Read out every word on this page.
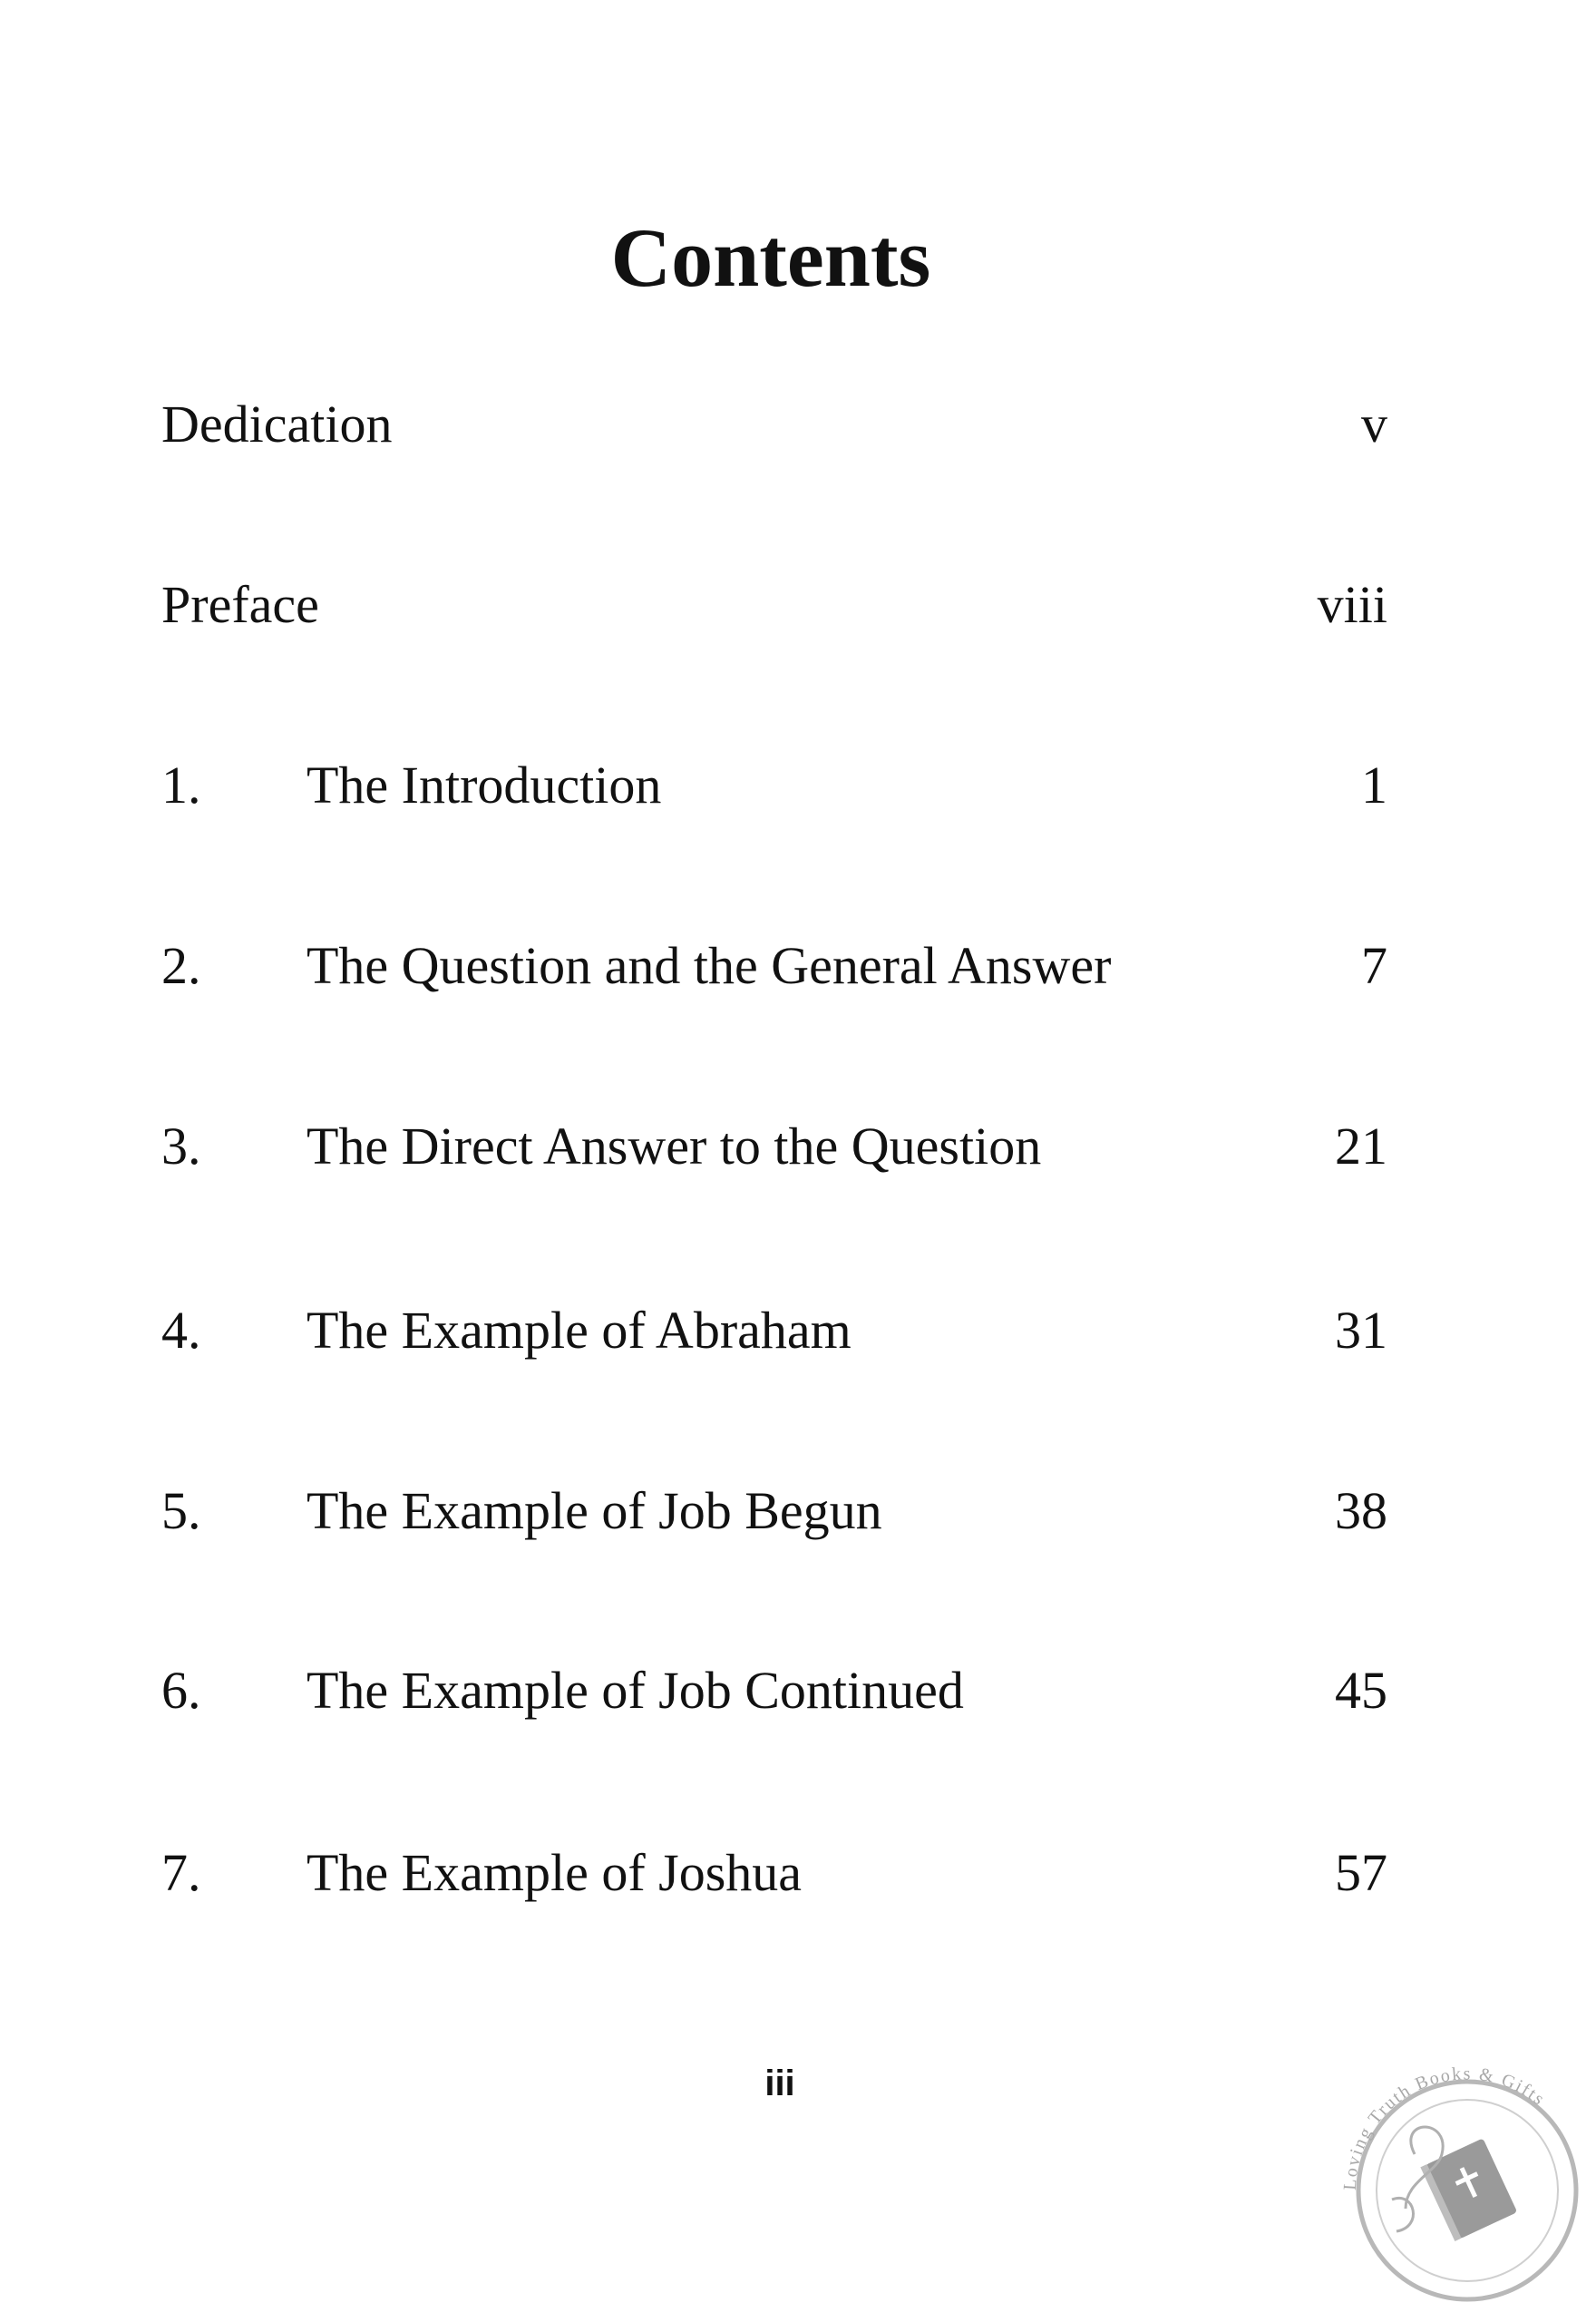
Contents
Dedication	v
Preface	viii
1. The Introduction	1
2. The Question and the General Answer	7
3. The Direct Answer to the Question	21
4. The Example of Abraham	31
5. The Example of Job Begun	38
6. The Example of Job Continued	45
7. The Example of Joshua	57
iii
Loving Truth Books & Gifts
